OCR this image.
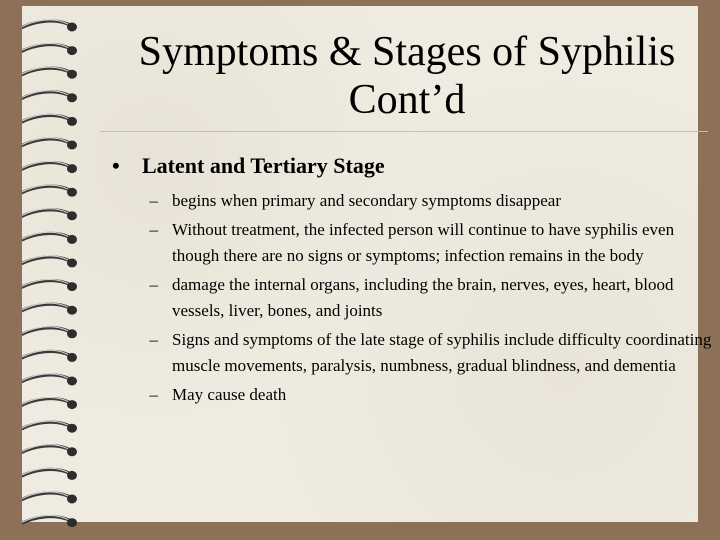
Symptoms & Stages of Syphilis
Cont’d
•	Latent and Tertiary Stage
– begins when primary and secondary symptoms disappear
– Without treatment, the infected person will continue to have syphilis even though there are no signs or symptoms; infection remains in the body
– damage the internal organs, including the brain, nerves, eyes, heart, blood vessels, liver, bones, and joints
– Signs and symptoms of the late stage of syphilis include difficulty coordinating muscle movements, paralysis, numbness, gradual blindness, and dementia
– May cause death
